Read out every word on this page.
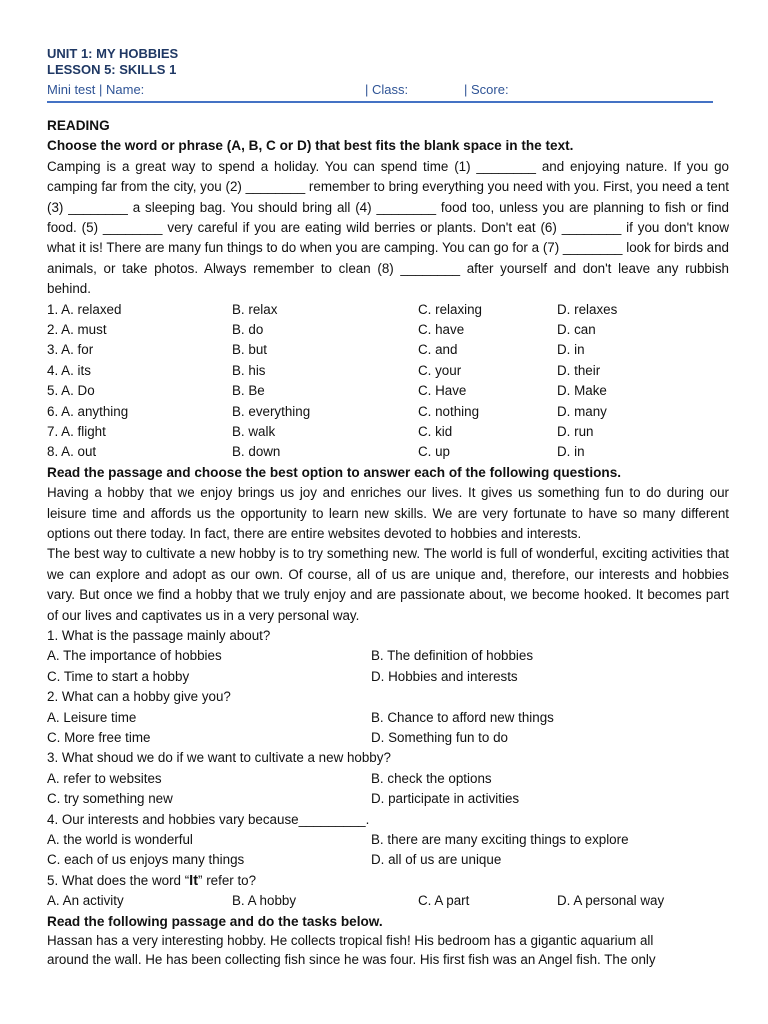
UNIT 1: MY HOBBIES
LESSON 5: SKILLS 1
Mini test | Name:	| Class:	| Score:
READING
Choose the word or phrase (A, B, C or D) that best fits the blank space in the text.
Camping is a great way to spend a holiday. You can spend time (1) ________ and enjoying nature. If you go camping far from the city, you (2) ________ remember to bring everything you need with you. First, you need a tent (3) ________ a sleeping bag. You should bring all (4) ________ food too, unless you are planning to fish or find food. (5) ________ very careful if you are eating wild berries or plants. Don't eat (6) ________ if you don't know what it is! There are many fun things to do when you are camping. You can go for a (7) ________ look for birds and animals, or take photos. Always remember to clean (8) ________ after yourself and don't leave any rubbish behind.
1. A. relaxed	B. relax	C. relaxing	D. relaxes
2. A. must	B. do	C. have	D. can
3. A. for	B. but	C. and	D. in
4. A. its	B. his	C. your	D. their
5. A. Do	B. Be	C. Have	D. Make
6. A. anything	B. everything	C. nothing	D. many
7. A. flight	B. walk	C. kid	D. run
8. A. out	B. down	C. up	D. in
Read the passage and choose the best option to answer each of the following questions.
Having a hobby that we enjoy brings us joy and enriches our lives. It gives us something fun to do during our leisure time and affords us the opportunity to learn new skills. We are very fortunate to have so many different options out there today. In fact, there are entire websites devoted to hobbies and interests.
The best way to cultivate a new hobby is to try something new. The world is full of wonderful, exciting activities that we can explore and adopt as our own. Of course, all of us are unique and, therefore, our interests and hobbies vary. But once we find a hobby that we truly enjoy and are passionate about, we become hooked. It becomes part of our lives and captivates us in a very personal way.
1. What is the passage mainly about?
A. The importance of hobbies	B. The definition of hobbies
C. Time to start a hobby	D. Hobbies and interests
2. What can a hobby give you?
A. Leisure time	B. Chance to afford new things
C. More free time	D. Something fun to do
3. What shoud we do if we want to cultivate a new hobby?
A. refer to websites	B. check the options
C. try something new	D. participate in activities
4. Our interests and hobbies vary because_________.
A. the world is wonderful	B. there are many exciting things to explore
C. each of us enjoys many things	D. all of us are unique
5. What does the word “It” refer to?
A. An activity	B. A hobby	C. A part	D. A personal way
Read the following passage and do the tasks below.
Hassan has a very interesting hobby. He collects tropical fish! His bedroom has a gigantic aquarium all
around the wall. He has been collecting fish since he was four. His first fish was an Angel fish. The only
